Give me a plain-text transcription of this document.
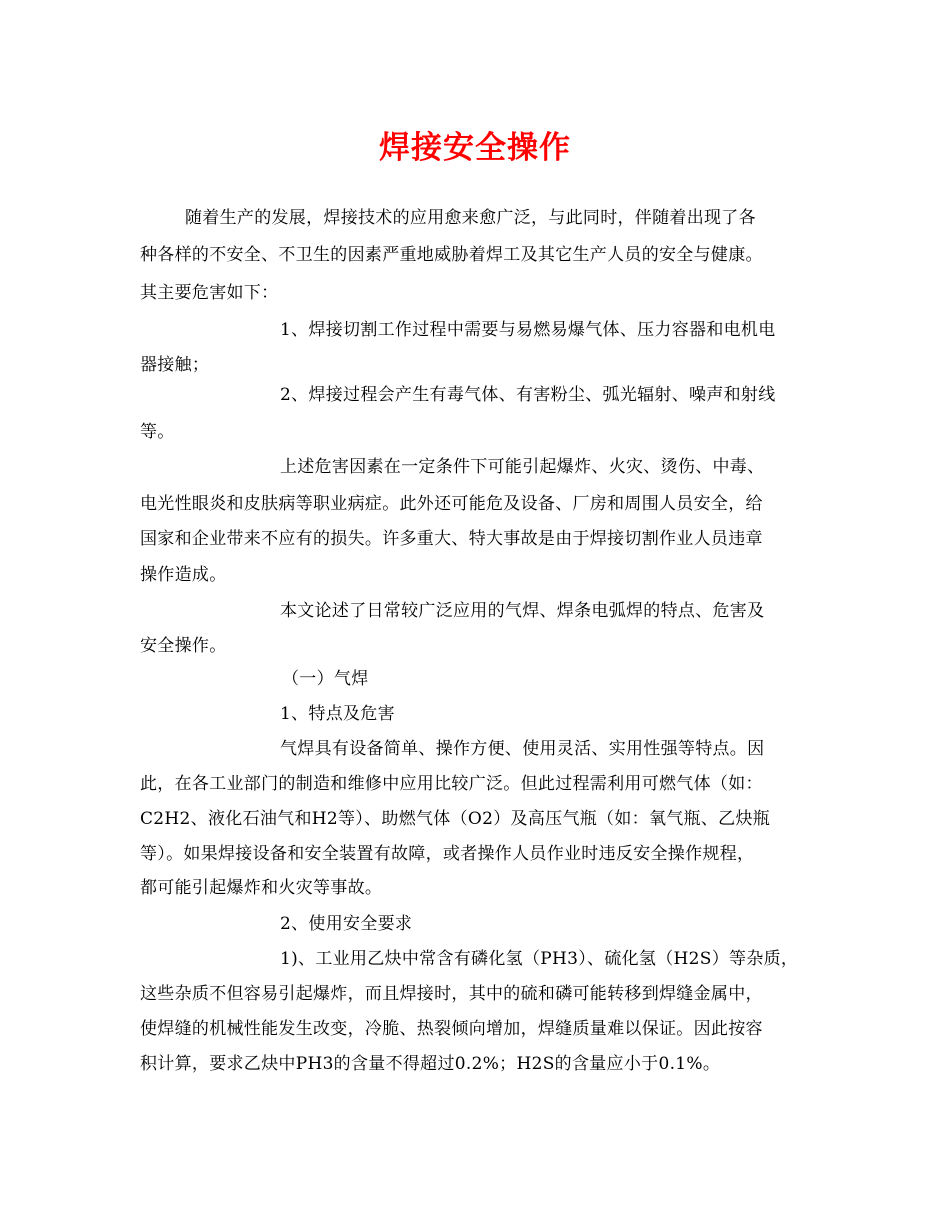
焊接安全操作

随着生产的发展，焊接技术的应用愈来愈广泛，与此同时，伴随着出现了各

种各样的不安全、不卫生的因素严重地威胁着焊工及其它生产人员的安全与健康。

其主要危害如下：

1、焊接切割工作过程中需要与易燃易爆气体、压力容器和电机电

器接触；

2、焊接过程会产生有毒气体、有害粉尘、弧光辐射、噪声和射线

等。

上述危害因素在一定条件下可能引起爆炸、火灾、烫伤、中毒、

电光性眼炎和皮肤病等职业病症。此外还可能危及设备、厂房和周围人员安全，给

国家和企业带来不应有的损失。许多重大、特大事故是由于焊接切割作业人员违章

操作造成。

本文论述了日常较广泛应用的气焊、焊条电弧焊的特点、危害及

安全操作。

（一）气焊

1、特点及危害

气焊具有设备简单、操作方便、使用灵活、实用性强等特点。因

此，在各工业部门的制造和维修中应用比较广泛。但此过程需利用可燃气体（如：

C2H2、液化石油气和H2等）、助燃气体（O2）及高压气瓶（如：氧气瓶、乙炔瓶

等）。如果焊接设备和安全装置有故障，或者操作人员作业时违反安全操作规程，

都可能引起爆炸和火灾等事故。

2、使用安全要求

1)、工业用乙炔中常含有磷化氢（PH3）、硫化氢（H2S）等杂质，

这些杂质不但容易引起爆炸，而且焊接时，其中的硫和磷可能转移到焊缝金属中，

使焊缝的机械性能发生改变，冷脆、热裂倾向增加，焊缝质量难以保证。因此按容

积计算，要求乙炔中PH3的含量不得超过0.2%；H2S的含量应小于0.1%。
